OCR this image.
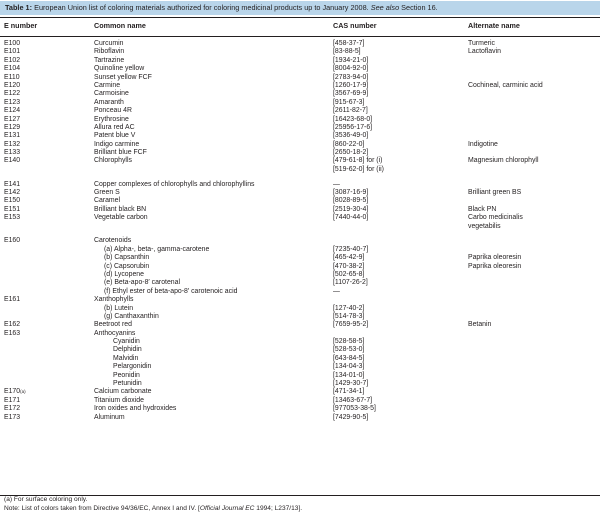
Table 1: European Union list of coloring materials authorized for coloring medicinal products up to January 2008. See also Section 16.
E number	Common name	CAS number	Alternate name
E100	Curcumin	[458-37-7]	Turmeric
E101	Riboflavin	[83-88-5]	Lactoflavin
E102	Tartrazine	[1934-21-0]
E104	Quinoline yellow	[8004-92-0]
E110	Sunset yellow FCF	[2783-94-0]
E120	Carmine	[1260-17-9]	Cochineal, carminic acid
E122	Carmoisine	[3567-69-9]
E123	Amaranth	[915-67-3]
E124	Ponceau 4R	[2611-82-7]
E127	Erythrosine	[16423-68-0]
E129	Allura red AC	[25956-17-6]
E131	Patent blue V	[3536-49-0]
E132	Indigo carmine	[860-22-0]	Indigotine
E133	Brilliant blue FCF	[2650-18-2]
E140	Chlorophylls	[479-61-8] for (i)	Magnesium chlorophyll
[519-62-0] for (ii)
E141	Copper complexes of chlorophylls and chlorophyllins	—
E142	Green S	[3087-16-9]	Brilliant green BS
E150	Caramel	[8028-89-5]
E151	Brilliant black BN	[2519-30-4]	Black PN
E153	Vegetable carbon	[7440-44-0]	Carbo medicinalis
vegetabilis
E160	Carotenoids
(a) Alpha-, beta-, gamma-carotene	[7235-40-7]
(b) Capsanthin	[465-42-9]	Paprika oleoresin
(c) Capsorubin	[470-38-2]	Paprika oleoresin
(d) Lycopene	[502-65-8]
(e) Beta-apo-8′ carotenal	[1107-26-2]
(f) Ethyl ester of beta-apo-8′ carotenoic acid	—
E161	Xanthophylls
(b) Lutein	[127-40-2]
(g) Canthaxanthin	[514-78-3]
E162	Beetroot red	[7659-95-2]	Betanin
E163	Anthocyanins
Cyanidin	[528-58-5]
Delphidin	[528-53-0]
Malvidin	[643-84-5]
Pelargonidin	[134-04-3]
Peonidin	[134-01-0]
Petunidin	[1429-30-7]
E170 (a)	Calcium carbonate	[471-34-1]
E171	Titanium dioxide	[13463-67-7]
E172	Iron oxides and hydroxides	[977053-38-5]
E173	Aluminum	[7429-90-5]
(a) For surface coloring only.
Note: List of colors taken from Directive 94/36/EC, Annex I and IV. [Official Journal EC 1994; L237/13].
